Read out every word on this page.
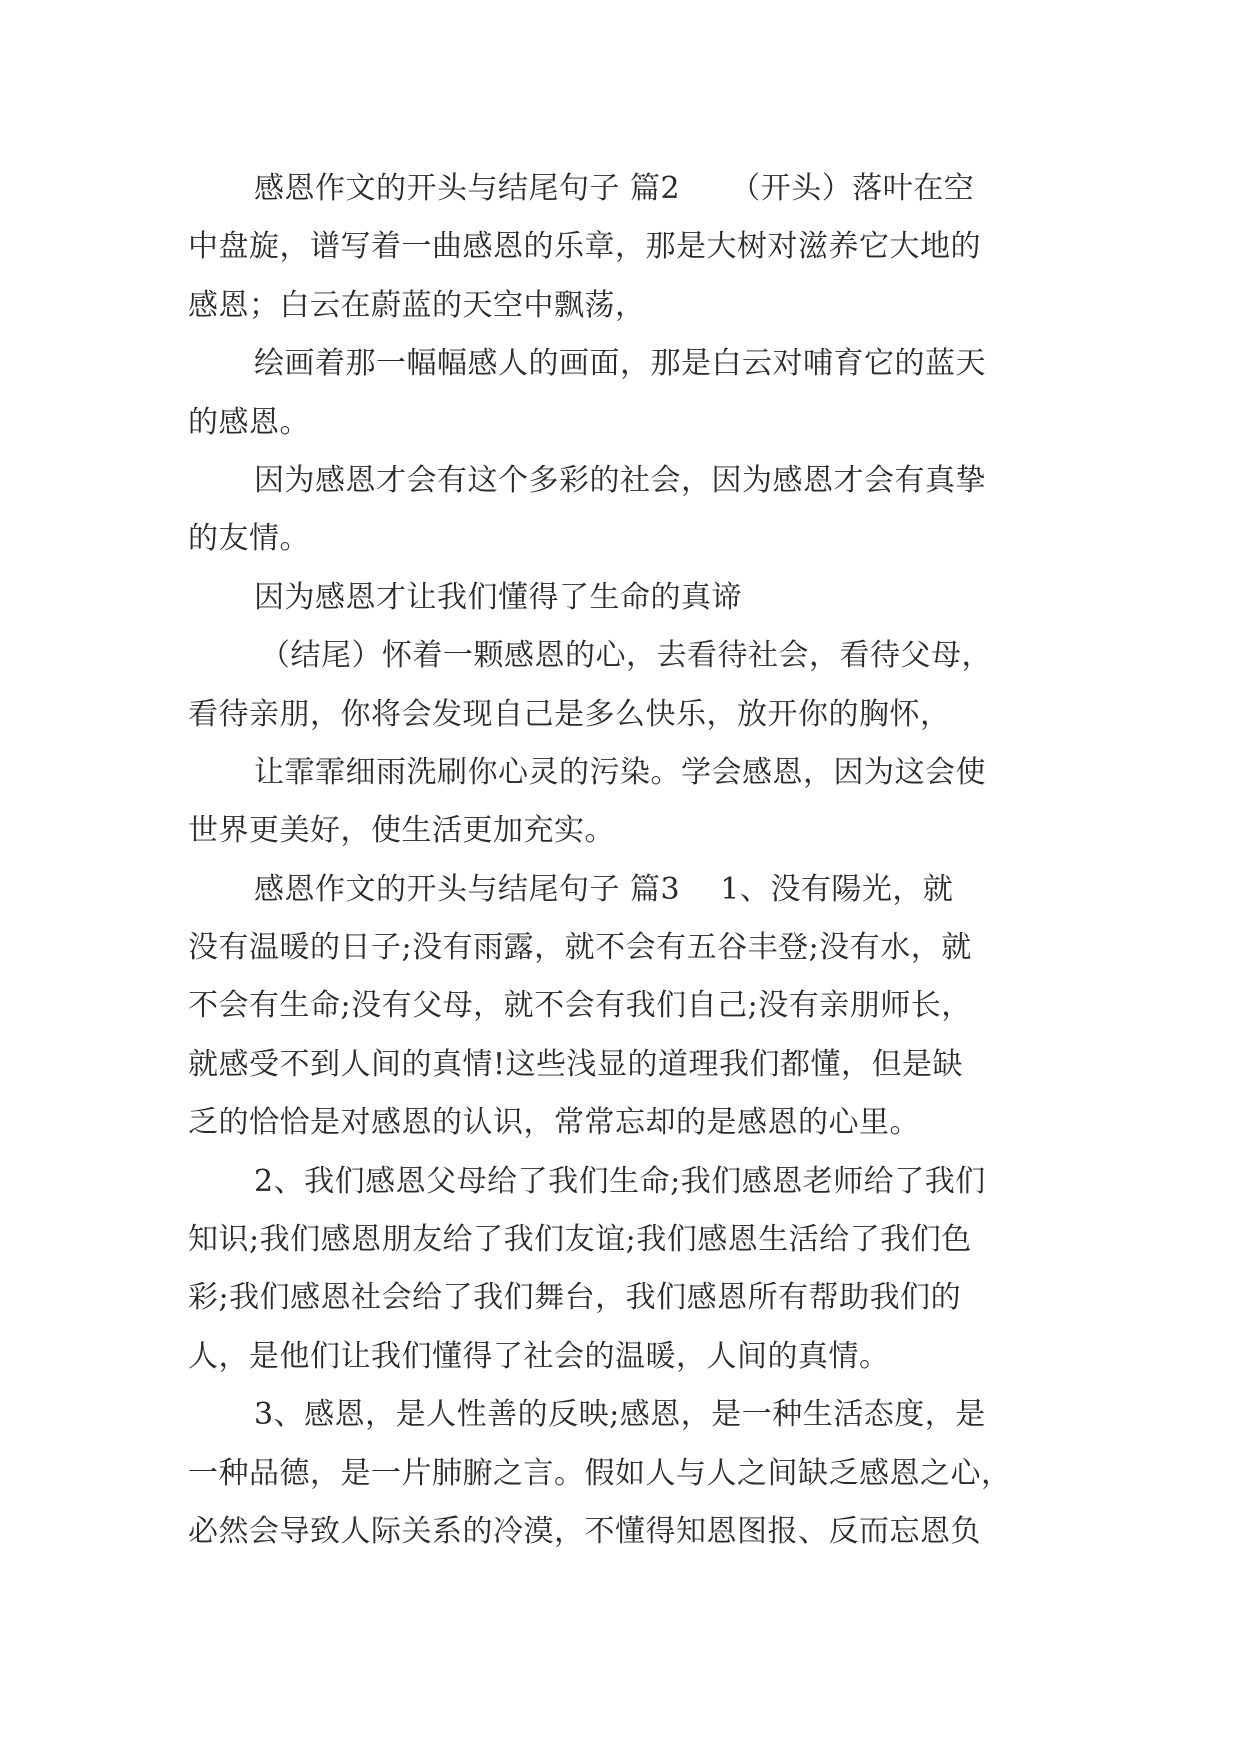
感恩作文的开头与结尾句子 篇2     （开头）落叶在空
中盘旋，谱写着一曲感恩的乐章，那是大树对滋养它大地的
感恩；白云在蔚蓝的天空中飘荡，
绘画着那一幅幅感人的画面，那是白云对哺育它的蓝天
的感恩。
因为感恩才会有这个多彩的社会，因为感恩才会有真挚
的友情。
因为感恩才让我们懂得了生命的真谛
（结尾）怀着一颗感恩的心，去看待社会，看待父母，
看待亲朋，你将会发现自己是多么快乐，放开你的胸怀，
让霏霏细雨洗刷你心灵的污染。学会感恩，因为这会使
世界更美好，使生活更加充实。
感恩作文的开头与结尾句子 篇3    1、没有陽光，就
没有温暖的日子;没有雨露，就不会有五谷丰登;没有水，就
不会有生命;没有父母，就不会有我们自己;没有亲朋师长，
就感受不到人间的真情!这些浅显的道理我们都懂，但是缺
乏的恰恰是对感恩的认识，常常忘却的是感恩的心里。
2、我们感恩父母给了我们生命;我们感恩老师给了我们
知识;我们感恩朋友给了我们友谊;我们感恩生活给了我们色
彩;我们感恩社会给了我们舞台，我们感恩所有帮助我们的
人，是他们让我们懂得了社会的温暖，人间的真情。
3、感恩，是人性善的反映;感恩，是一种生活态度，是
一种品德，是一片肺腑之言。假如人与人之间缺乏感恩之心，
必然会导致人际关系的冷漠，不懂得知恩图报、反而忘恩负
